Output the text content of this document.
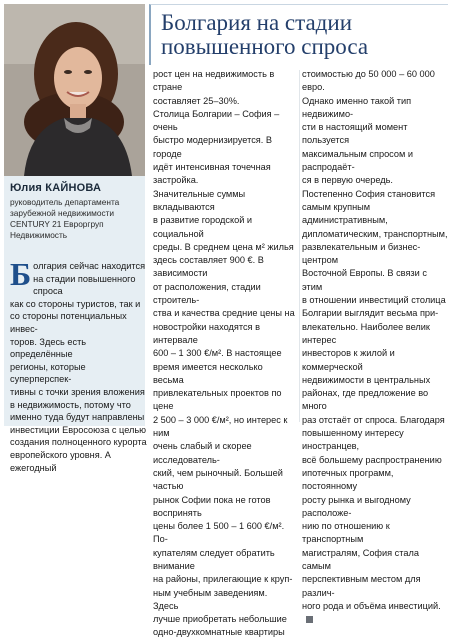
Юлия КАЙНОВА

руководитель департамента зарубежной недвижимости CENTURY 21 Евроргруп Недвижимость

Б олгария сейчас находится
на стадии повышенного спроса
как со стороны туристов, так и
со стороны потенциальных инвес-
торов. Здесь есть определённые
регионы, которые суперперспек-
тивны с точки зрения вложения
в недвижимость, потому что
именно туда будут направлены
инвестиции Евросоюза с целью
создания полноценного курорта
европейского уровня. А ежегодный
Болгария на стадии
повышенного спроса
рост цен на недвижимость в стране
составляет 25–30%.
Столица Болгарии – София – очень
быстро модернизируется. В городе
идёт интенсивная точечная застройка.
Значительные суммы вкладываются
в развитие городской и социальной
среды. В среднем цена м² жилья
здесь составляет 900 €. В зависимости
от расположения, стадии строитель-
ства и качества средние цены на
новостройки находятся в интервале
600 – 1 300 €/м². В настоящее
время имеется несколько весьма
привлекательных проектов по цене
2 500 – 3 000 €/м², но интерес к ним
очень слабый и скорее исследователь-
ский, чем рыночный. Большей частью
рынок Софии пока не готов воспринять
цены более 1 500 – 1 600 €/м². По-
купателям следует обратить внимание
на районы, прилегающие к круп-
ным учебным заведениям. Здесь
лучше приобретать небольшие
одно-двухкомнатные квартиры
стоимостью до 50 000 – 60 000 евро.
Однако именно такой тип недвижимо-
сти в настоящий момент пользуется
максимальным спросом и распродаёт-
ся в первую очередь.
Постепенно София становится
самым крупным административным,
дипломатическим, транспортным,
развлекательным и бизнес-центром
Восточной Европы. В связи с этим
в отношении инвестиций столица
Болгарии выглядит весьма при-
влекательно. Наиболее велик интерес
инвесторов к жилой и коммерческой
недвижимости в центральных
районах, где предложение во много
раз отстаёт от спроса. Благодаря
повышенному интересу иностранцев,
всё большему распространению
ипотечных программ, постоянному
росту рынка и выгодному расположе-
нию по отношению к транспортным
магистралям, София стала самым
перспективным местом для различ-
ного рода и объёма инвестиций.
